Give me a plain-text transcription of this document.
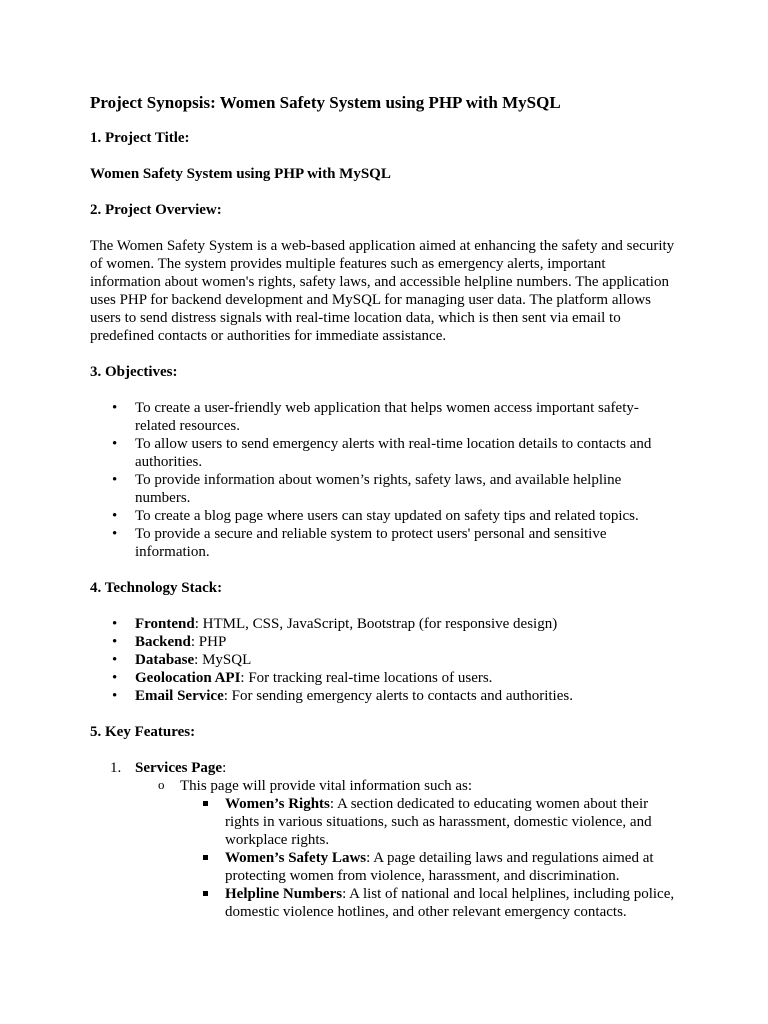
Project Synopsis: Women Safety System using PHP with MySQL
1. Project Title:
Women Safety System using PHP with MySQL
2. Project Overview:
The Women Safety System is a web-based application aimed at enhancing the safety and security of women. The system provides multiple features such as emergency alerts, important information about women's rights, safety laws, and accessible helpline numbers. The application uses PHP for backend development and MySQL for managing user data. The platform allows users to send distress signals with real-time location data, which is then sent via email to predefined contacts or authorities for immediate assistance.
3. Objectives:
• To create a user-friendly web application that helps women access important safety-related resources.
• To allow users to send emergency alerts with real-time location details to contacts and authorities.
• To provide information about women’s rights, safety laws, and available helpline numbers.
• To create a blog page where users can stay updated on safety tips and related topics.
• To provide a secure and reliable system to protect users' personal and sensitive information.
4. Technology Stack:
• Frontend: HTML, CSS, JavaScript, Bootstrap (for responsive design)
• Backend: PHP
• Database: MySQL
• Geolocation API: For tracking real-time locations of users.
• Email Service: For sending emergency alerts to contacts and authorities.
5. Key Features:
1. Services Page:
o This page will provide vital information such as:
Women’s Rights: A section dedicated to educating women about their rights in various situations, such as harassment, domestic violence, and workplace rights.
Women’s Safety Laws: A page detailing laws and regulations aimed at protecting women from violence, harassment, and discrimination.
Helpline Numbers: A list of national and local helplines, including police, domestic violence hotlines, and other relevant emergency contacts.
